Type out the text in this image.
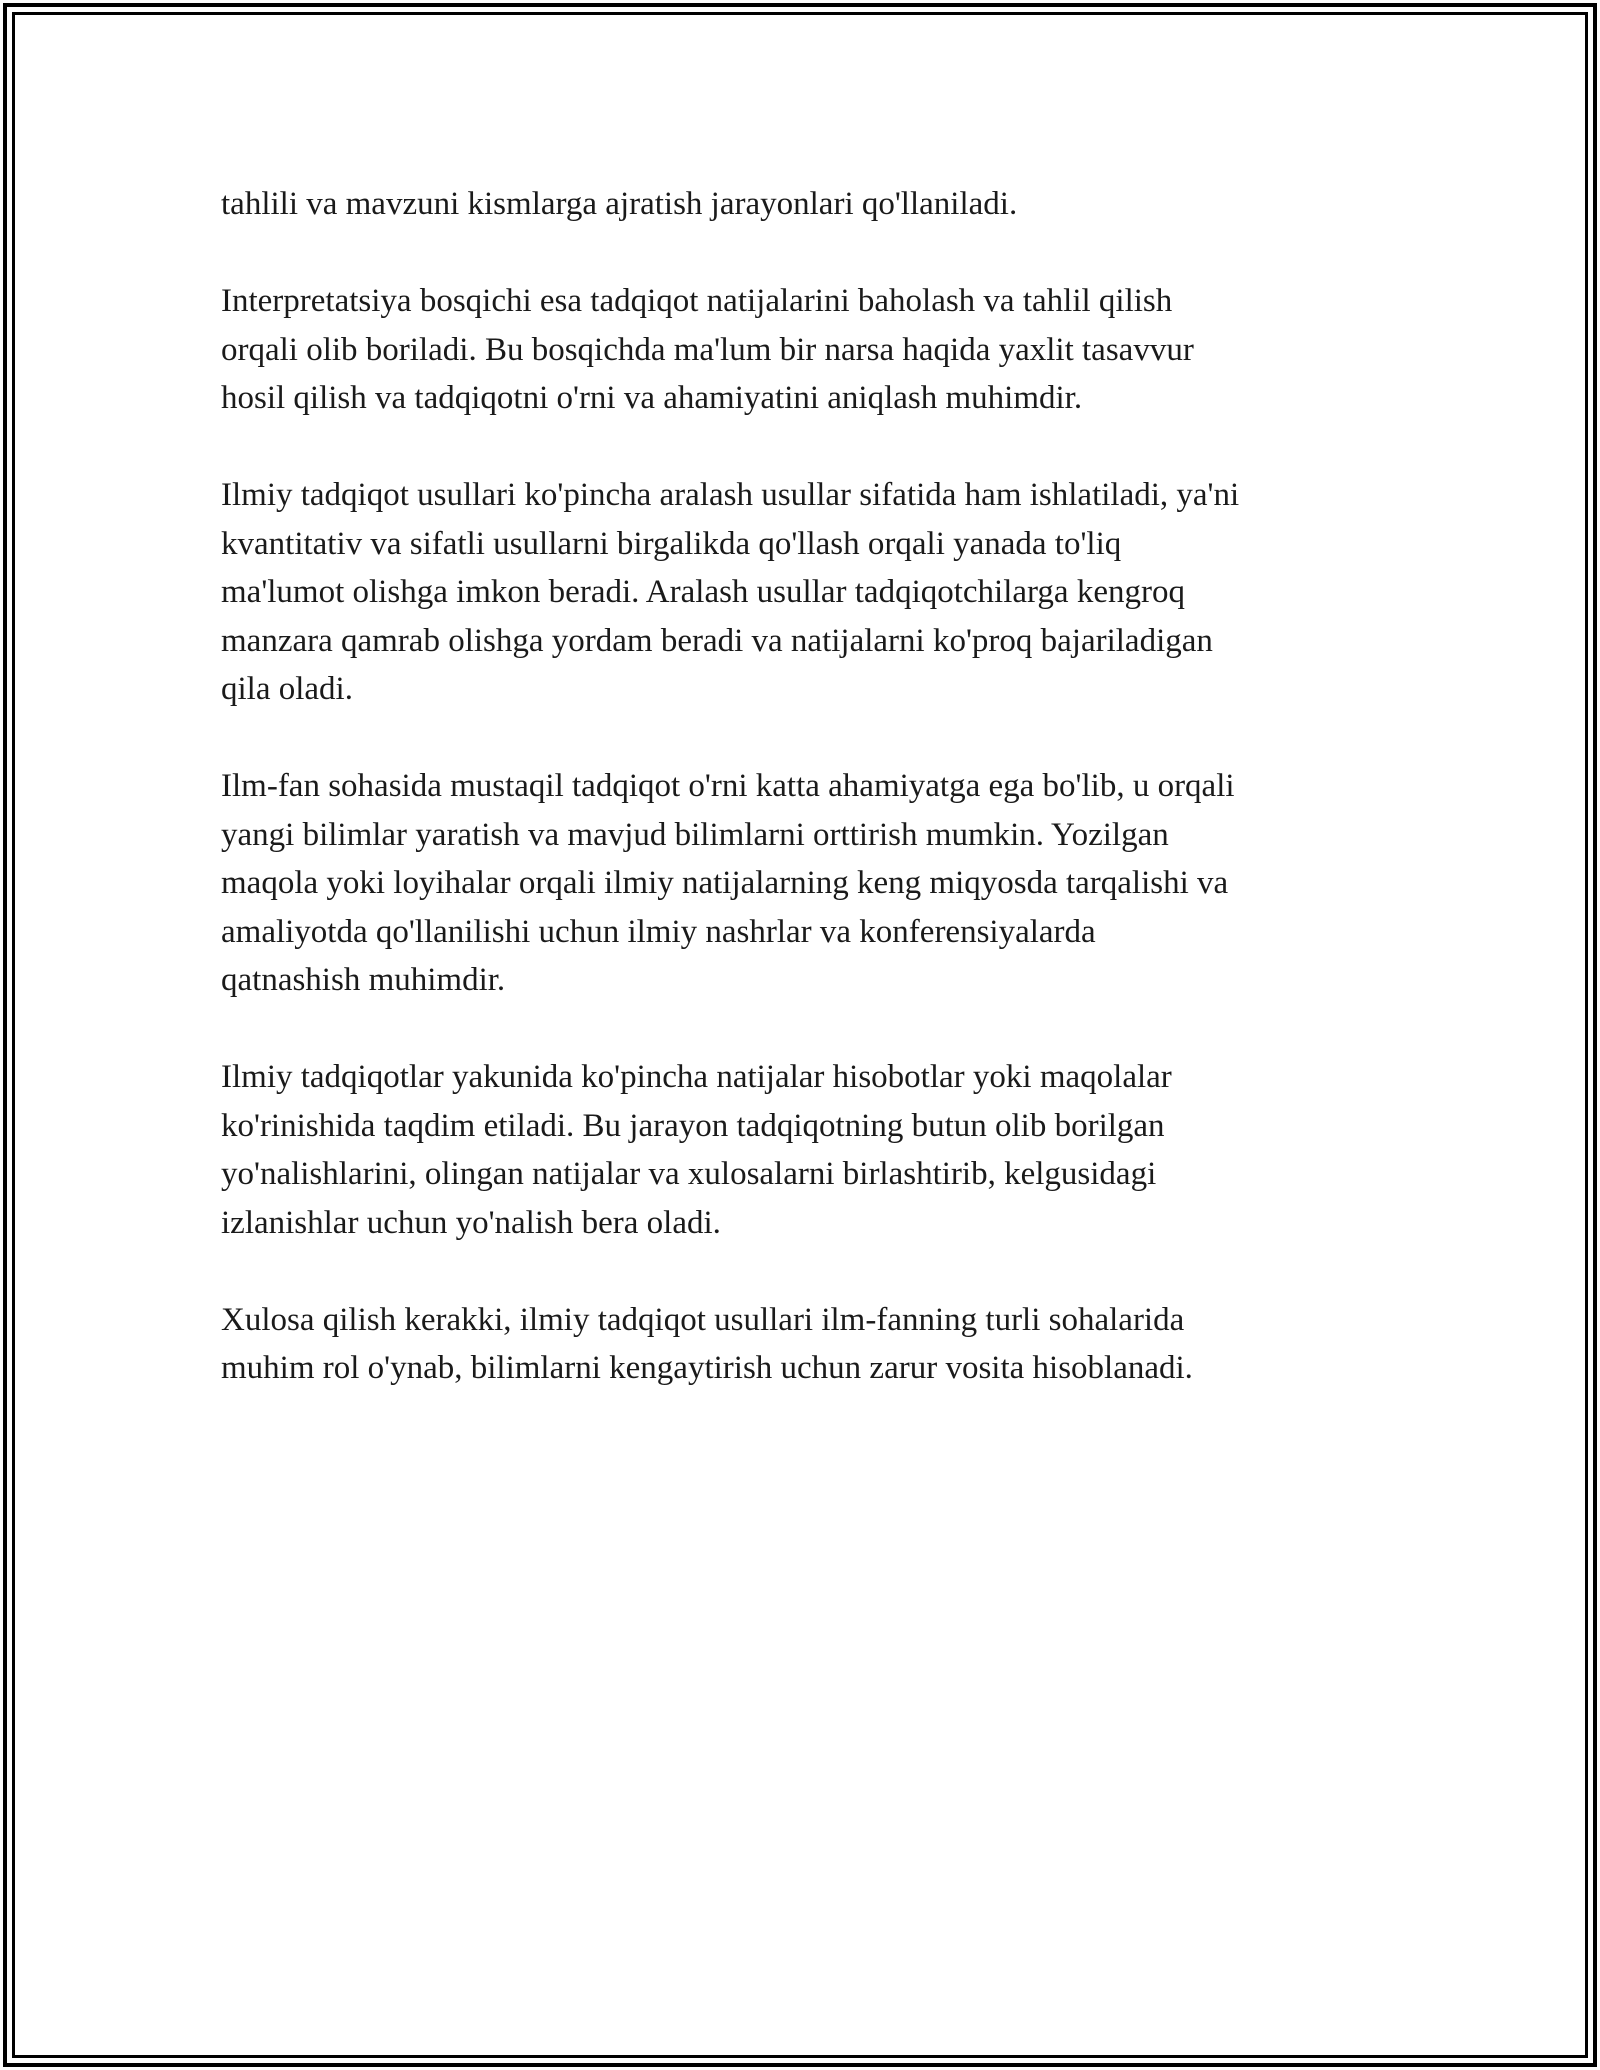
tahlili va mavzuni kismlarga ajratish jarayonlari qo'llaniladi.

Interpretatsiya bosqichi esa tadqiqot natijalarini baholash va tahlil qilish
orqali olib boriladi. Bu bosqichda ma'lum bir narsa haqida yaxlit tasavvur
hosil qilish va tadqiqotni o'rni va ahamiyatini aniqlash muhimdir.

Ilmiy tadqiqot usullari ko'pincha aralash usullar sifatida ham ishlatiladi, ya'ni
kvantitativ va sifatli usullarni birgalikda qo'llash orqali yanada to'liq
ma'lumot olishga imkon beradi. Aralash usullar tadqiqotchilarga kengroq
manzara qamrab olishga yordam beradi va natijalarni ko'proq bajariladigan
qila oladi.

Ilm-fan sohasida mustaqil tadqiqot o'rni katta ahamiyatga ega bo'lib, u orqali
yangi bilimlar yaratish va mavjud bilimlarni orttirish mumkin. Yozilgan
maqola yoki loyihalar orqali ilmiy natijalarning keng miqyosda tarqalishi va
amaliyotda qo'llanilishi uchun ilmiy nashrlar va konferensiyalarda
qatnashish muhimdir.

Ilmiy tadqiqotlar yakunida ko'pincha natijalar hisobotlar yoki maqolalar
ko'rinishida taqdim etiladi. Bu jarayon tadqiqotning butun olib borilgan
yo'nalishlarini, olingan natijalar va xulosalarni birlashtirib, kelgusidagi
izlanishlar uchun yo'nalish bera oladi.

Xulosa qilish kerakki, ilmiy tadqiqot usullari ilm-fanning turli sohalarida
muhim rol o'ynab, bilimlarni kengaytirish uchun zarur vosita hisoblanadi.
